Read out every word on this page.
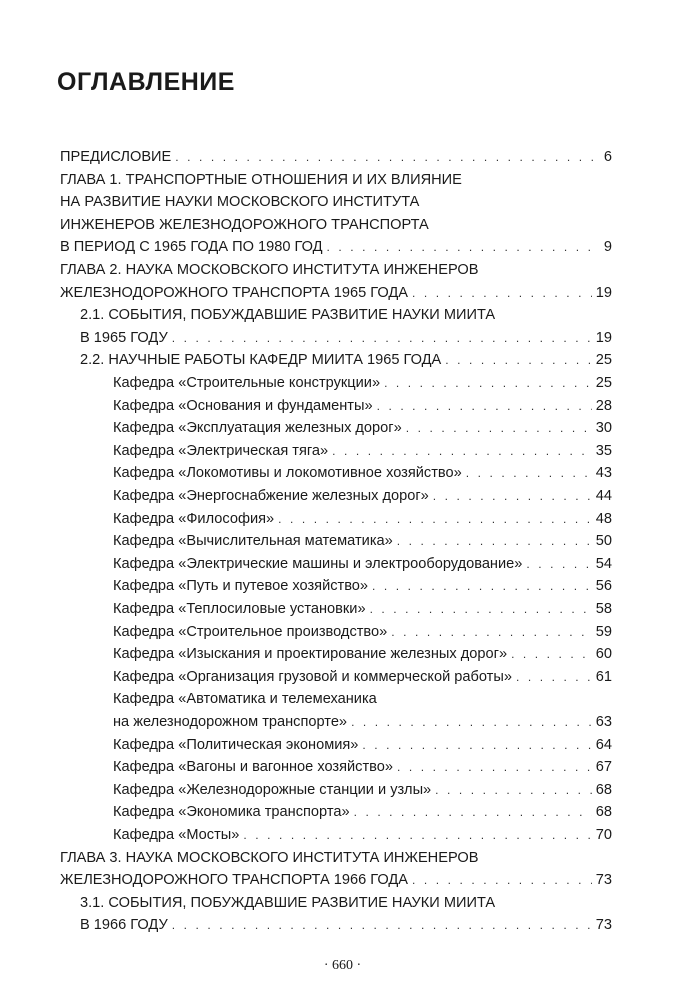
ОГЛАВЛЕНИЕ
ПРЕДИСЛОВИЕ . . .	6
ГЛАВА 1. ТРАНСПОРТНЫЕ ОТНОШЕНИЯ И ИХ ВЛИЯНИЕ
НА РАЗВИТИЕ НАУКИ МОСКОВСКОГО ИНСТИТУТА
ИНЖЕНЕРОВ ЖЕЛЕЗНОДОРОЖНОГО ТРАНСПОРТА
В ПЕРИОД С 1965 ГОДА ПО 1980 ГОД . . .	9
ГЛАВА 2. НАУКА МОСКОВСКОГО ИНСТИТУТА ИНЖЕНЕРОВ
ЖЕЛЕЗНОДОРОЖНОГО ТРАНСПОРТА 1965 ГОДА . . .	19
2.1. СОБЫТИЯ, ПОБУЖДАВШИЕ РАЗВИТИЕ НАУКИ МИИТА
В 1965 ГОДУ . . .	19
2.2. НАУЧНЫЕ РАБОТЫ КАФЕДР МИИТА 1965 ГОДА . . .	25
Кафедра «Строительные конструкции» . . .	25
Кафедра «Основания и фундаменты» . . .	28
Кафедра «Эксплуатация железных дорог» . . .	30
Кафедра «Электрическая тяга» . . .	35
Кафедра «Локомотивы и локомотивное хозяйство» . . .	43
Кафедра «Энергоснабжение железных дорог» . . .	44
Кафедра «Философия» . . .	48
Кафедра «Вычислительная математика» . . .	50
Кафедра «Электрические машины и электрооборудование» . . .	54
Кафедра «Путь и путевое хозяйство» . . .	56
Кафедра «Теплосиловые установки» . . .	58
Кафедра «Строительное производство» . . .	59
Кафедра «Изыскания и проектирование железных дорог» . . .	60
Кафедра «Организация грузовой и коммерческой работы» . . .	61
Кафедра «Автоматика и телемеханика
на железнодорожном транспорте» . . .	63
Кафедра «Политическая экономия» . . .	64
Кафедра «Вагоны и вагонное хозяйство» . . .	67
Кафедра «Железнодорожные станции и узлы» . . .	68
Кафедра «Экономика транспорта» . . .	68
Кафедра «Мосты» . . .	70
ГЛАВА 3. НАУКА МОСКОВСКОГО ИНСТИТУТА ИНЖЕНЕРОВ
ЖЕЛЕЗНОДОРОЖНОГО ТРАНСПОРТА 1966 ГОДА . . .	73
3.1. СОБЫТИЯ, ПОБУЖДАВШИЕ РАЗВИТИЕ НАУКИ МИИТА
В 1966 ГОДУ . . .	73
· 660 ·
